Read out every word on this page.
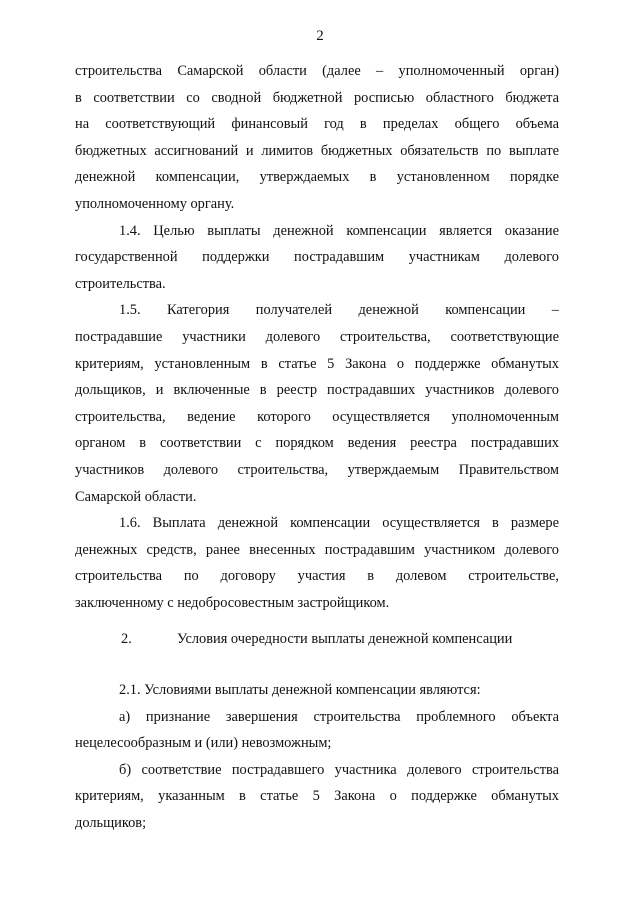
2

строительства Самарской области (далее – уполномоченный орган)
в соответствии со сводной бюджетной росписью областного бюджета
на соответствующий финансовый год в пределах общего объема
бюджетных ассигнований и лимитов бюджетных обязательств по выплате
денежной компенсации, утверждаемых в установленном порядке
уполномоченному органу.

1.4. Целью выплаты денежной компенсации является оказание
государственной поддержки пострадавшим участникам долевого
строительства.

1.5. Категория получателей денежной компенсации –
пострадавшие участники долевого строительства, соответствующие
критериям, установленным в статье 5 Закона о поддержке обманутых
дольщиков, и включенные в реестр пострадавших участников долевого
строительства, ведение которого осуществляется уполномоченным
органом в соответствии с порядком ведения реестра пострадавших
участников долевого строительства, утверждаемым Правительством
Самарской области.

1.6. Выплата денежной компенсации осуществляется в размере
денежных средств, ранее внесенных пострадавшим участником долевого
строительства по договору участия в долевом строительстве,
заключенному с недобросовестным застройщиком.

2.	Условия очередности выплаты денежной компенсации

2.1. Условиями выплаты денежной компенсации являются:

а) признание завершения строительства проблемного объекта
нецелесообразным и (или) невозможным;

б) соответствие пострадавшего участника долевого строительства
критериям, указанным в статье 5 Закона о поддержке обманутых
дольщиков;
